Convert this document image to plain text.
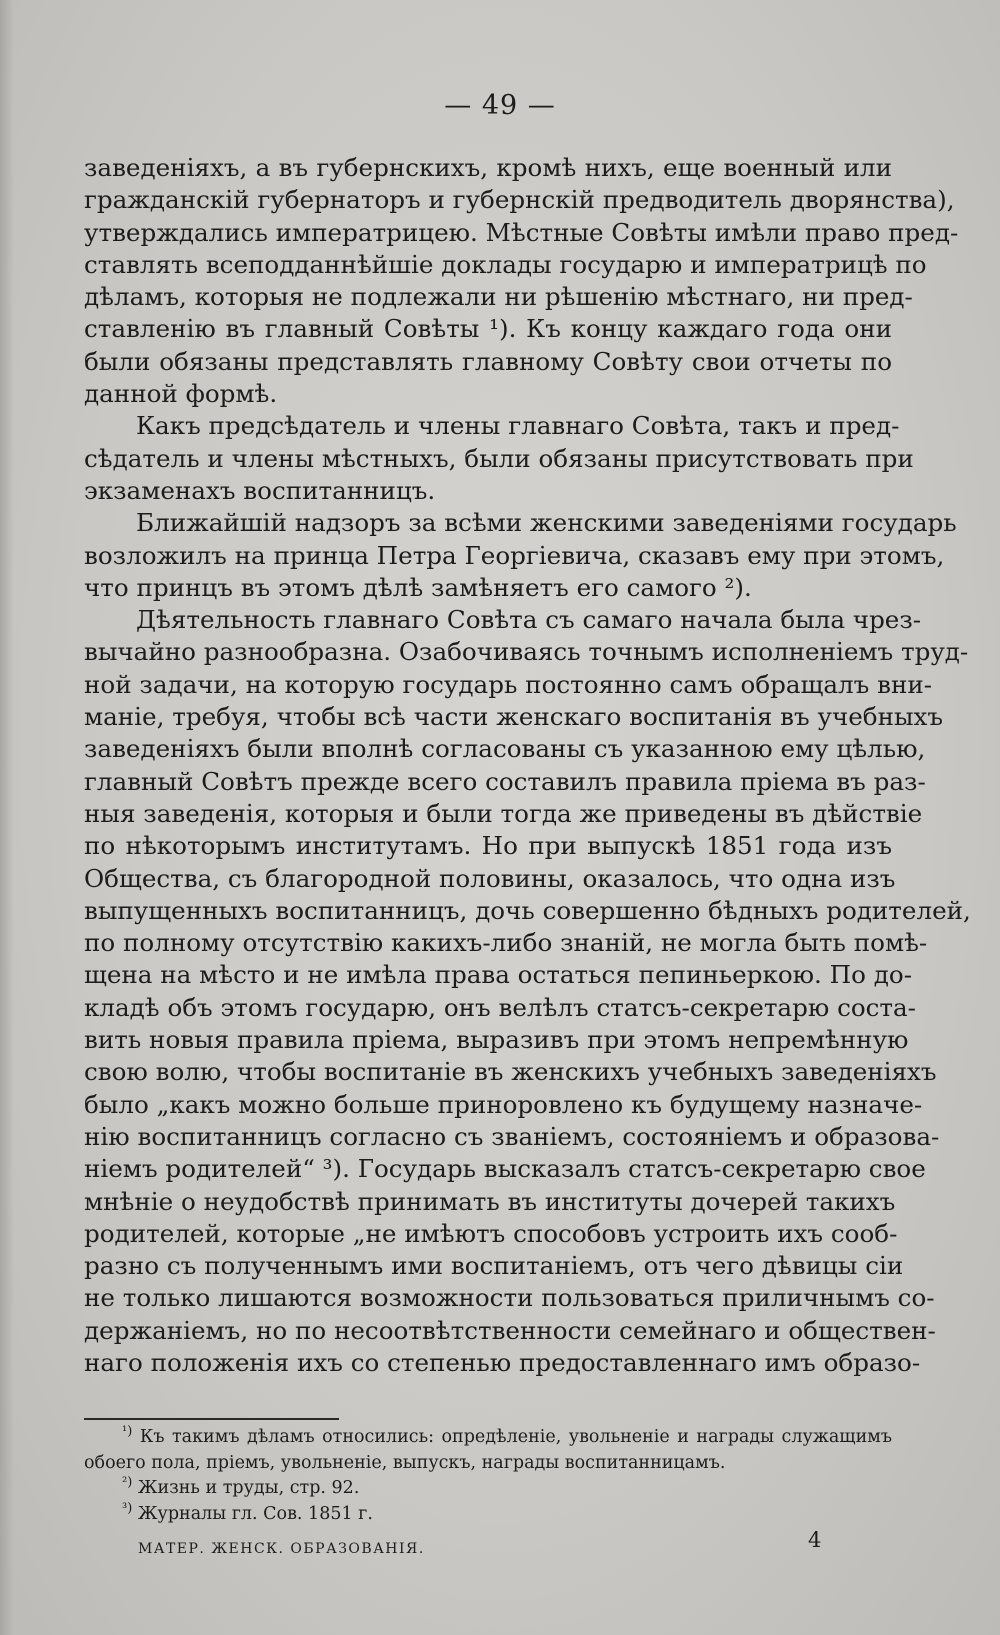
— 49 —
заведеніяхъ, а въ губернскихъ, кромѣ нихъ, еще военный или
гражданскій губернаторъ и губернскій предводитель дворянства),
утверждались императрицею. Мѣстные Совѣты имѣли право пред-
ставлять всеподданнѣйшіе доклады государю и императрицѣ по
дѣламъ, которыя не подлежали ни рѣшенію мѣстнаго, ни пред-
ставленію въ главный Совѣты ¹). Къ концу каждаго года они
были обязаны представлять главному Совѣту свои отчеты по
данной формѣ.
Какъ предсѣдатель и члены главнаго Совѣта, такъ и пред-
сѣдатель и члены мѣстныхъ, были обязаны присутствовать при
экзаменахъ воспитанницъ.
Ближайшій надзоръ за всѣми женскими заведеніями государь
возложилъ на принца Петра Георгіевича, сказавъ ему при этомъ,
что принцъ въ этомъ дѣлѣ замѣняетъ его самого ²).
Дѣятельность главнаго Совѣта съ самаго начала была чрез-
вычайно разнообразна. Озабочиваясь точнымъ исполненіемъ труд-
ной задачи, на которую государь постоянно самъ обращалъ вни-
маніе, требуя, чтобы всѣ части женскаго воспитанія въ учебныхъ
заведеніяхъ были вполнѣ согласованы съ указанною ему цѣлью,
главный Совѣтъ прежде всего составилъ правила пріема въ раз-
ныя заведенія, которыя и были тогда же приведены въ дѣйствіе
по нѣкоторымъ институтамъ. Но при выпускѣ 1851 года изъ
Общества, съ благородной половины, оказалось, что одна изъ
выпущенныхъ воспитанницъ, дочь совершенно бѣдныхъ родителей,
по полному отсутствію какихъ-либо знаній, не могла быть помѣ-
щена на мѣсто и не имѣла права остаться пепиньеркою. По до-
кладѣ объ этомъ государю, онъ велѣлъ статсъ-секретарю соста-
вить новыя правила пріема, выразивъ при этомъ непремѣнную
свою волю, чтобы воспитаніе въ женскихъ учебныхъ заведеніяхъ
было „какъ можно больше приноровлено къ будущему назначе-
нію воспитанницъ согласно съ званіемъ, состояніемъ и образова-
ніемъ родителей“ ³). Государь высказалъ статсъ-секретарю свое
мнѣніе о неудобствѣ принимать въ институты дочерей такихъ
родителей, которые „не имѣютъ способовъ устроить ихъ сооб-
разно съ полученнымъ ими воспитаніемъ, отъ чего дѣвицы сіи
не только лишаются возможности пользоваться приличнымъ со-
держаніемъ, но по несоотвѣтственности семейнаго и обществен-
наго положенія ихъ со степенью предоставленнаго имъ образо-
$^{^1)}$ Къ такимъ дѣламъ относились: опредѣленіе, увольненіе и награды служащимъ
обоего пола, пріемъ, увольненіе, выпускъ, награды воспитанницамъ.
$^{^2)}$ Жизнь и труды, стр. 92.
$^{^3)}$ Журналы гл. Сов. 1851 г.
МАТЕР. ЖЕНСК. ОБРАЗОВАНІЯ.	4
